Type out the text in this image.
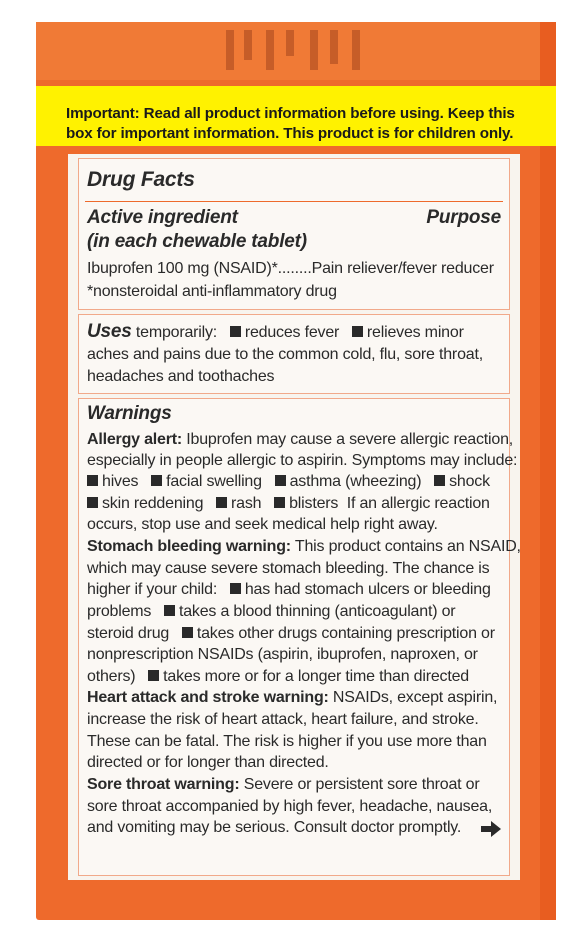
Important: Read all product information before using. Keep this
box for important information. This product is for children only.

Drug Facts
Active ingredient	Purpose
(in each chewable tablet)
Ibuprofen 100 mg (NSAID)*........Pain reliever/fever reducer
*nonsteroidal anti-inflammatory drug
Uses temporarily: reduces fever relieves minor
aches and pains due to the common cold, flu, sore throat,
headaches and toothaches
Warnings
Allergy alert: Ibuprofen may cause a severe allergic reaction,
especially in people allergic to aspirin. Symptoms may include:
hives facial swelling asthma (wheezing) shock
skin reddening rash blisters If an allergic reaction
occurs, stop use and seek medical help right away.
Stomach bleeding warning: This product contains an NSAID,
which may cause severe stomach bleeding. The chance is
higher if your child: has had stomach ulcers or bleeding
problems takes a blood thinning (anticoagulant) or
steroid drug takes other drugs containing prescription or
nonprescription NSAIDs (aspirin, ibuprofen, naproxen, or
others) takes more or for a longer time than directed
Heart attack and stroke warning: NSAIDs, except aspirin,
increase the risk of heart attack, heart failure, and stroke.
These can be fatal. The risk is higher if you use more than
directed or for longer than directed.
Sore throat warning: Severe or persistent sore throat or
sore throat accompanied by high fever, headache, nausea,
and vomiting may be serious. Consult doctor promptly.
